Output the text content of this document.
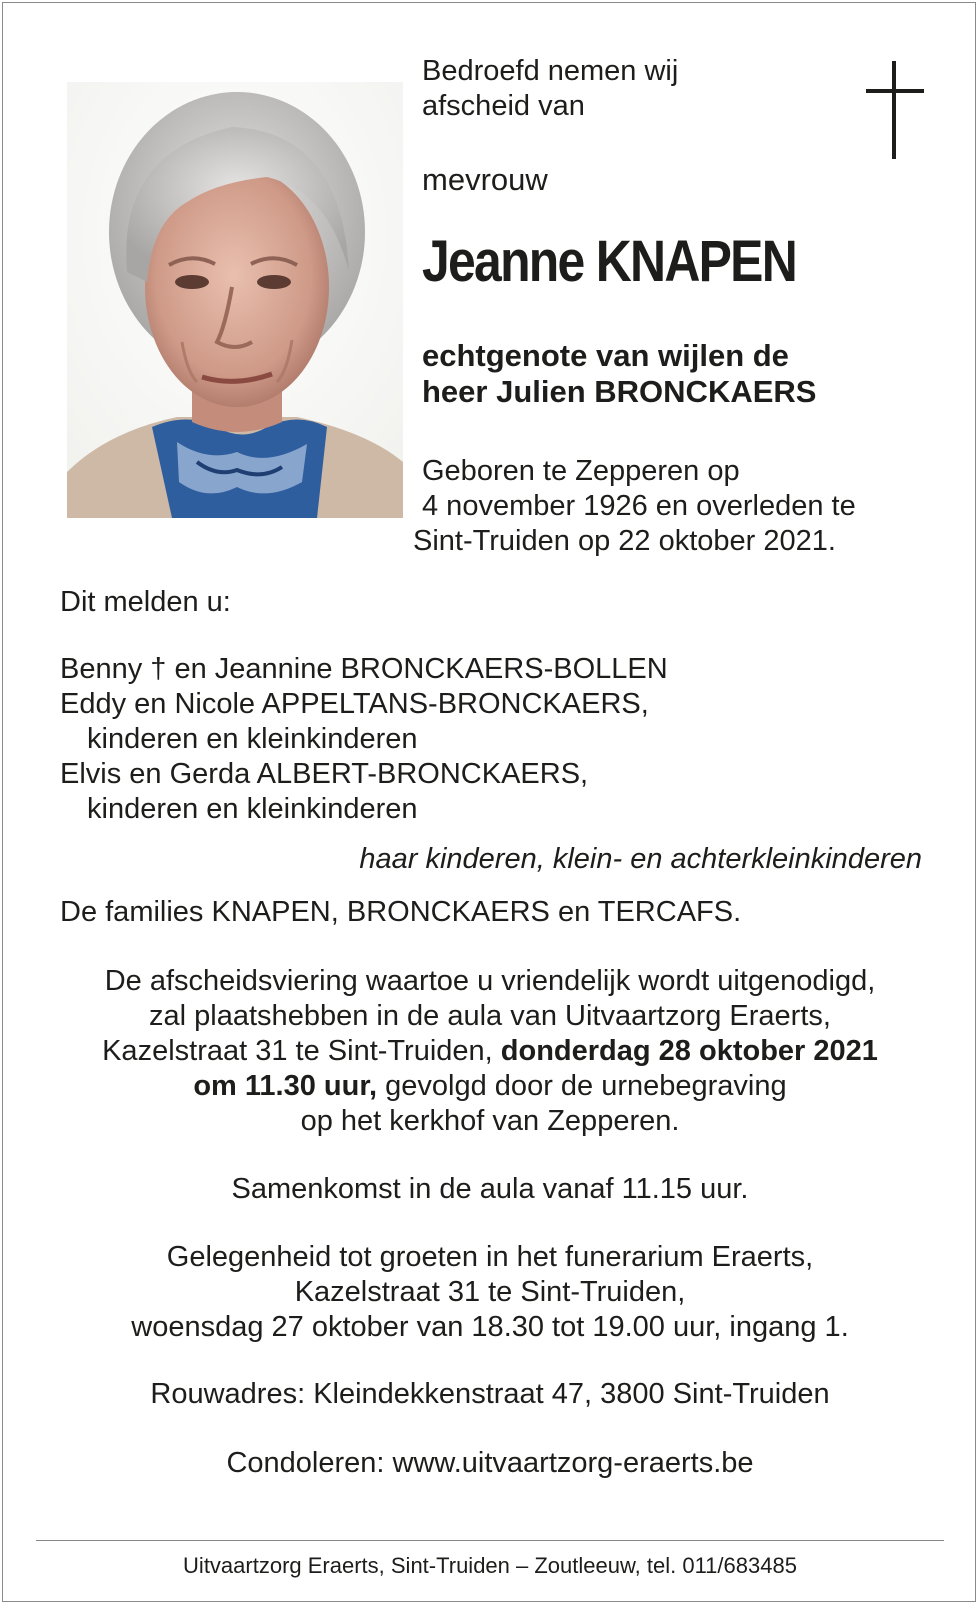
Bedroefd nemen wij
afscheid van
mevrouw
Jeanne KNAPEN
echtgenote van wijlen de
heer Julien BRONCKAERS
Geboren te Zepperen op
4 november 1926 en overleden te
Sint-Truiden op 22 oktober 2021.
Dit melden u:
Benny † en Jeannine BRONCKAERS-BOLLEN
Eddy en Nicole APPELTANS-BRONCKAERS,
kinderen en kleinkinderen
Elvis en Gerda ALBERT-BRONCKAERS,
kinderen en kleinkinderen
haar kinderen, klein- en achterkleinkinderen
De families KNAPEN, BRONCKAERS en TERCAFS.
De afscheidsviering waartoe u vriendelijk wordt uitgenodigd,
zal plaatshebben in de aula van Uitvaartzorg Eraerts,
Kazelstraat 31 te Sint-Truiden, donderdag 28 oktober 2021
om 11.30 uur, gevolgd door de urnebegraving
op het kerkhof van Zepperen.
Samenkomst in de aula vanaf 11.15 uur.
Gelegenheid tot groeten in het funerarium Eraerts,
Kazelstraat 31 te Sint-Truiden,
woensdag 27 oktober van 18.30 tot 19.00 uur, ingang 1.
Rouwadres: Kleindekkenstraat 47, 3800 Sint-Truiden
Condoleren: www.uitvaartzorg-eraerts.be
Uitvaartzorg Eraerts, Sint-Truiden – Zoutleeuw, tel. 011/683485
